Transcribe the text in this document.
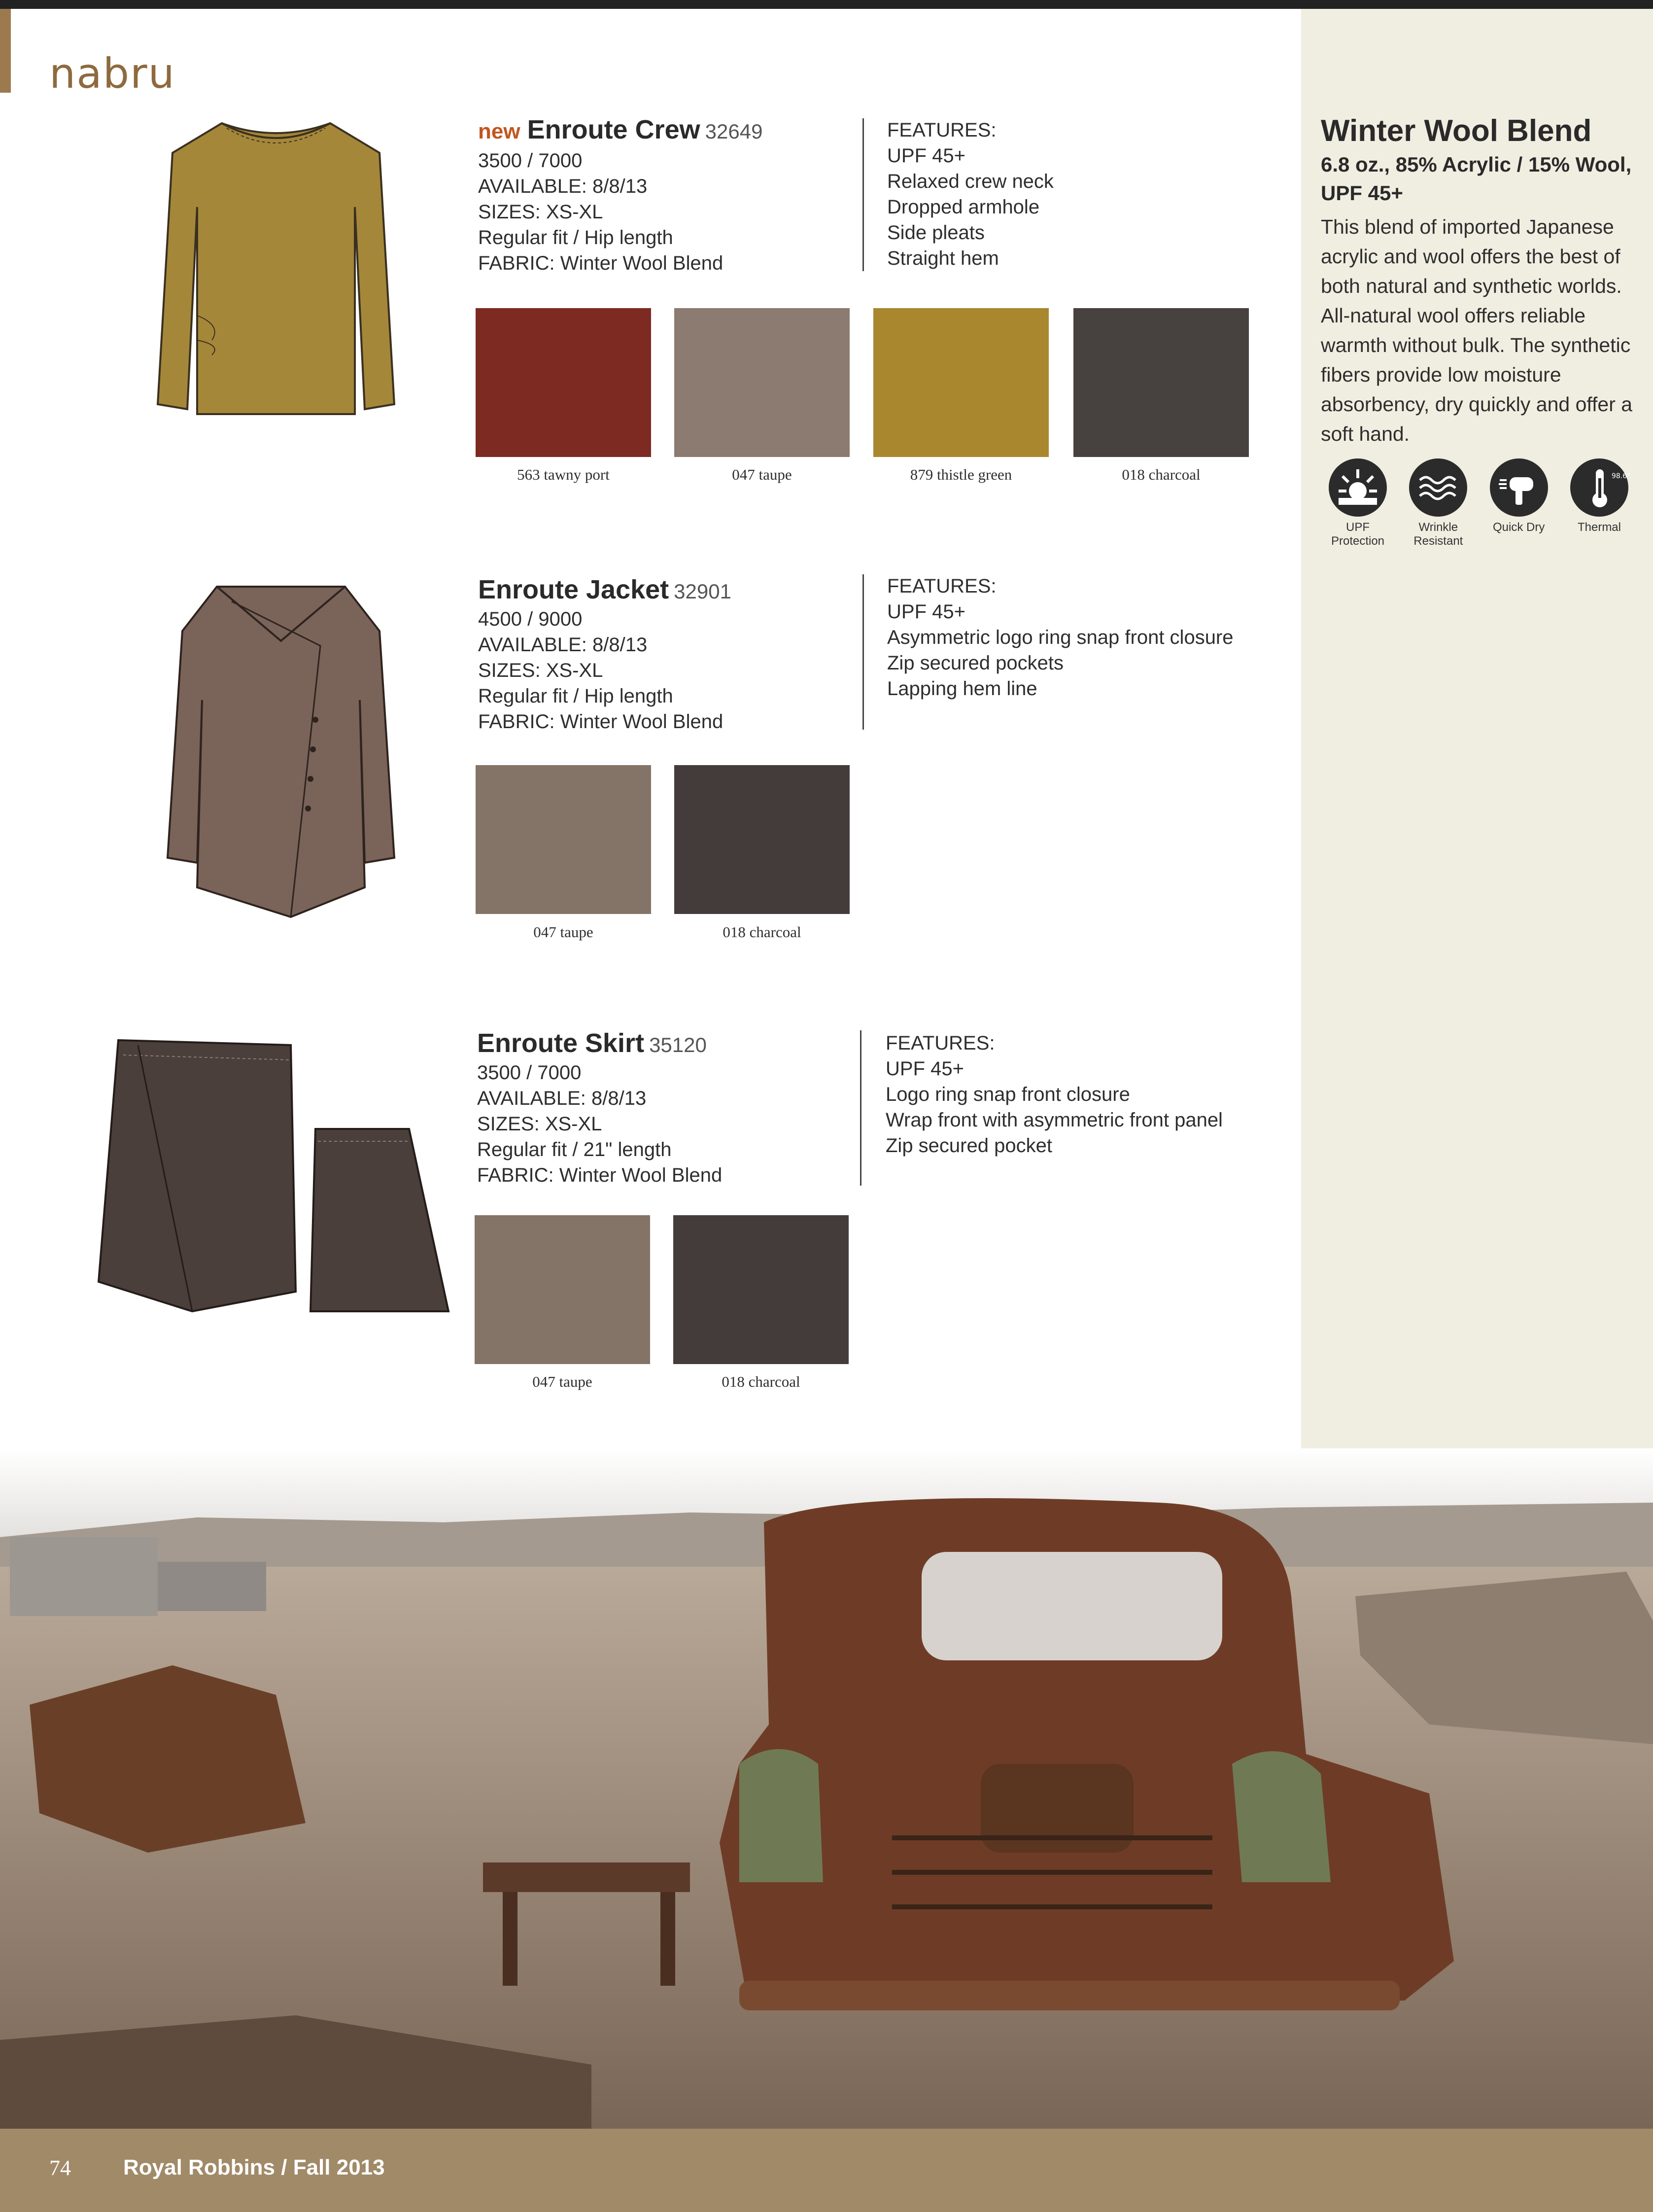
nabru
Winter Wool Blend
6.8 oz., 85% Acrylic / 15% Wool, UPF 45+
This blend of imported Japanese acrylic and wool offers the best of both natural and synthetic worlds. All-natural wool offers reliable warmth without bulk. The synthetic fibers provide low moisture absorbency, dry quickly and offer a soft hand.
UPF Protection
Wrinkle Resistant
Quick Dry
98.6°
Thermal
new Enroute Crew 32649
3500 / 7000
AVAILABLE: 8/8/13
SIZES: XS-XL
Regular fit / Hip length
FABRIC: Winter Wool Blend
FEATURES:
UPF 45+
Relaxed crew neck
Dropped armhole
Side pleats
Straight hem
563 tawny port	047 taupe	879 thistle green	018 charcoal
Enroute Jacket 32901
4500 / 9000
AVAILABLE: 8/8/13
SIZES: XS-XL
Regular fit / Hip length
FABRIC: Winter Wool Blend
FEATURES:
UPF 45+
Asymmetric logo ring snap front closure
Zip secured pockets
Lapping hem line
047 taupe	018 charcoal
Enroute Skirt 35120
3500 / 7000
AVAILABLE: 8/8/13
SIZES: XS-XL
Regular fit / 21" length
FABRIC: Winter Wool Blend
FEATURES:
UPF 45+
Logo ring snap front closure
Wrap front with asymmetric front panel
Zip secured pocket
047 taupe	018 charcoal
74 Royal Robbins / Fall 2013
